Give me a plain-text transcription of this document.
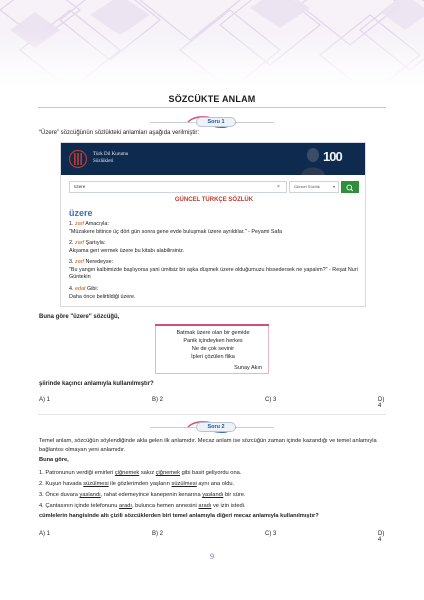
SÖZCÜKTE ANLAM
Soru 1
“Üzere” sözcüğünün sözlükteki anlamları aşağıda verilmiştir:
Türk Dil Kurumu
Sözlükleri	100
üzere	×	Güncel Sözlük	▾
GÜNCEL TÜRKÇE SÖZLÜK
üzere
1. zarf Amacıyla:
"Müzakere bitince üç dört gün sonra gene evde buluşmak üzere ayrıldılar." - Peyami Safa
2. zarf Şartıyla:
Akşama geri vermek üzere bu kitabı alabilirsiniz.
3. zarf Neredeyse:
"Bu yangın kalbimizde başlıyorsa yani ümitsiz bir aşka düşmek üzere olduğumuzu hissedersek ne yapalım?" - Reşat Nuri Güntekin
4. edat Gibi:
Daha önce belirtildiği üzere.
Buna göre "üzere" sözcüğü,
Batmak üzere olan bir gemide
Panik içindeyken herkes
Ne de çok sevinir
İpleri çözülen flika
Sunay Akın
şiirinde kaçıncı anlamıyla kullanılmıştır?
A) 1	B) 2	C) 3	D) 4
Soru 2
Temel anlam, sözcüğün söylendiğinde akla gelen ilk anlamıdır. Mecaz anlam ise sözcüğün zaman içinde kazandığı ve temel anlamıyla bağlantısı olmayan yeni anlamıdır.
Buna göre,
1. Patronunun verdiği emirleri çiğnemek sakız çiğnemek gibi basit geliyordu ona.
2. Kuşun havada süzülmesi ile gözlerimden yaşların süzülmesi aynı ana oldu.
3. Önce duvara yaslandı, rahat edemeyince kanepenin kenarına yaslandı bir süre.
4. Çantasının içinde telefonunu aradı, bulunca hemen annesini aradı ve izin istedi.
cümlelerin hangisinde altı çizili sözcüklerden biri temel anlamıyla diğeri mecaz anlamıyla kullanılmıştır?
A) 1	B) 2	C) 3	D) 4
9
